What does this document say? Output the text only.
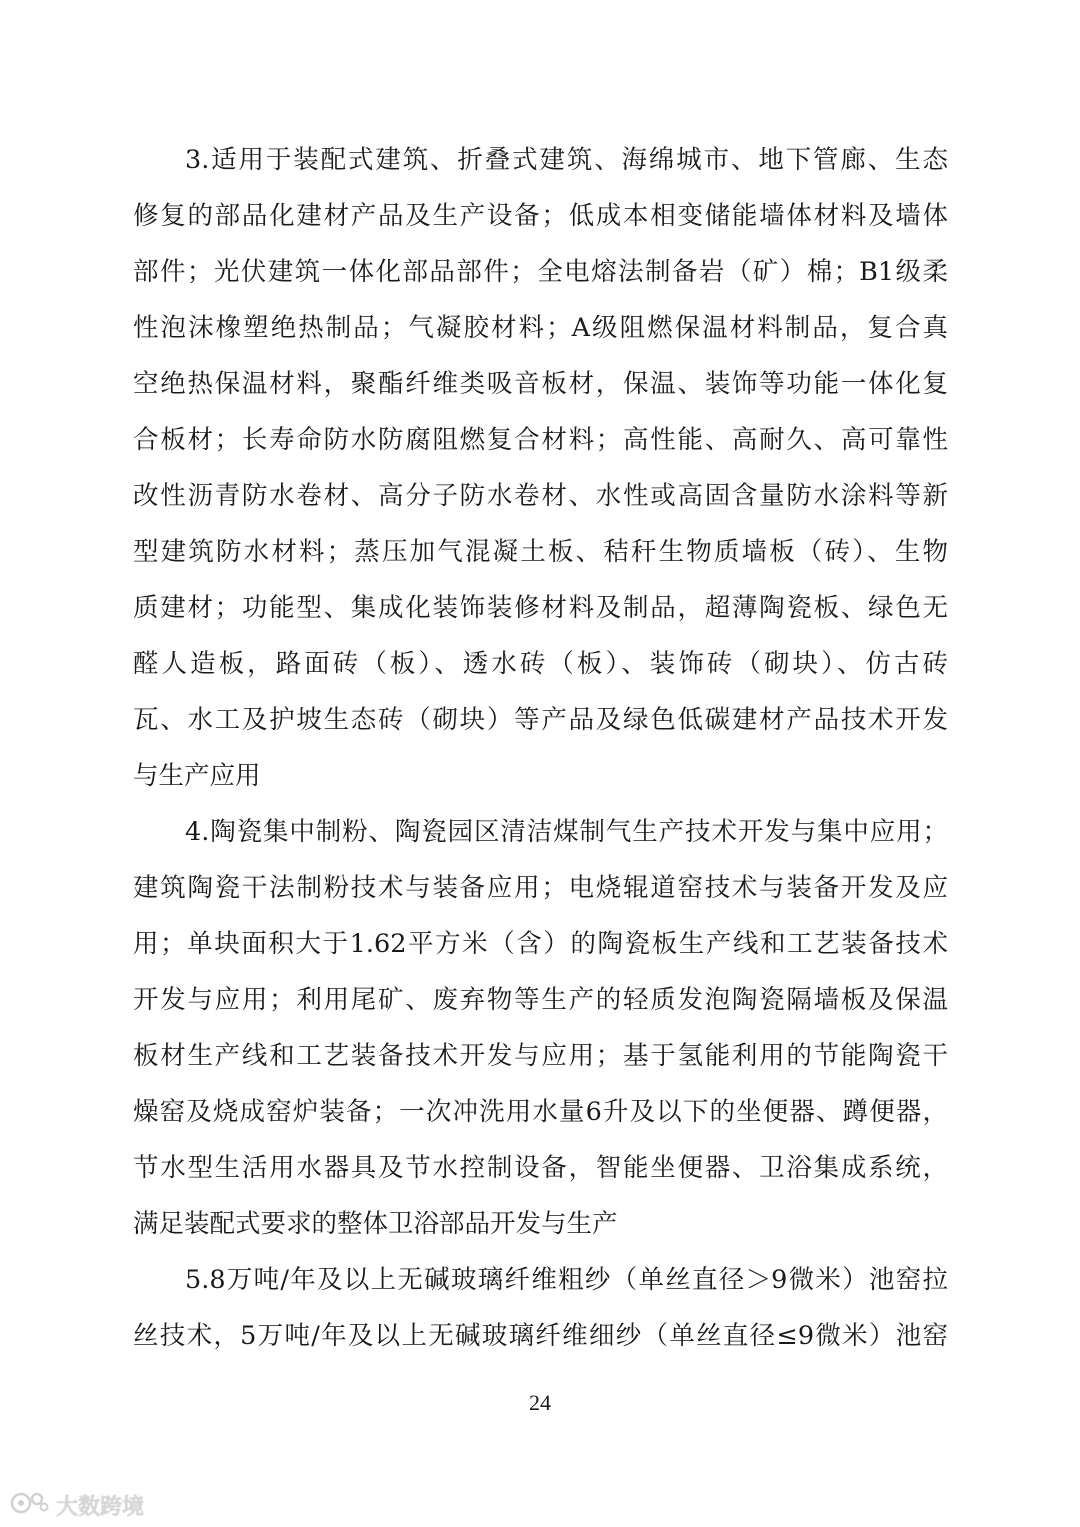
3.适用于装配式建筑、折叠式建筑、海绵城市、地下管廊、生态
修复的部品化建材产品及生产设备；低成本相变储能墙体材料及墙体
部件；光伏建筑一体化部品部件；全电熔法制备岩（矿）棉；B1级柔
性泡沫橡塑绝热制品；气凝胶材料；A级阻燃保温材料制品，复合真
空绝热保温材料，聚酯纤维类吸音板材，保温、装饰等功能一体化复
合板材；长寿命防水防腐阻燃复合材料；高性能、高耐久、高可靠性
改性沥青防水卷材、高分子防水卷材、水性或高固含量防水涂料等新
型建筑防水材料；蒸压加气混凝土板、秸秆生物质墙板（砖）、生物
质建材；功能型、集成化装饰装修材料及制品，超薄陶瓷板、绿色无
醛人造板，路面砖（板）、透水砖（板）、装饰砖（砌块）、仿古砖
瓦、水工及护坡生态砖（砌块）等产品及绿色低碳建材产品技术开发
与生产应用
4.陶瓷集中制粉、陶瓷园区清洁煤制气生产技术开发与集中应用；
建筑陶瓷干法制粉技术与装备应用；电烧辊道窑技术与装备开发及应
用；单块面积大于1.62平方米（含）的陶瓷板生产线和工艺装备技术
开发与应用；利用尾矿、废弃物等生产的轻质发泡陶瓷隔墙板及保温
板材生产线和工艺装备技术开发与应用；基于氢能利用的节能陶瓷干
燥窑及烧成窑炉装备；一次冲洗用水量6升及以下的坐便器、蹲便器，
节水型生活用水器具及节水控制设备，智能坐便器、卫浴集成系统，
满足装配式要求的整体卫浴部品开发与生产
5.8万吨/年及以上无碱玻璃纤维粗纱（单丝直径＞9微米）池窑拉
丝技术，5万吨/年及以上无碱玻璃纤维细纱（单丝直径≤9微米）池窑
24
大数跨境
